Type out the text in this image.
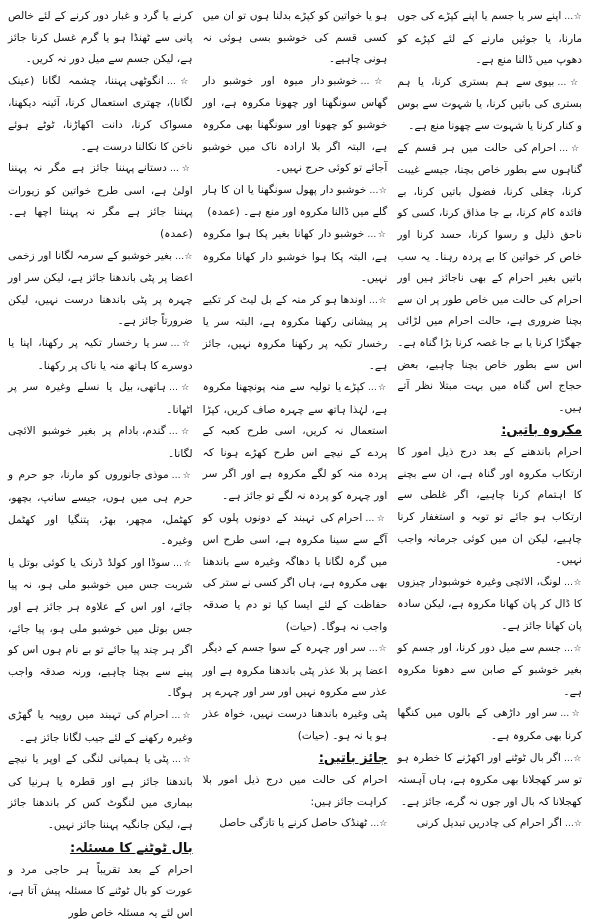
☆…اپنے سر یا جسم یا اپنے کپڑے کی جوں مارنا، یا جوئیں مارنے کے لئے کپڑے کو دھوپ میں ڈالنا منع ہے۔

☆…بیوی سے ہم بستری کرنا، یا ہم بستری کی باتیں کرنا، یا شہوت سے بوس و کنار کرنا یا شہوت سے چھونا منع ہے۔

☆…احرام کی حالت میں ہر قسم کے گناہوں سے بطور خاص بچنا، جیسے غیبت کرنا، چغلی کرنا، فضول باتیں کرنا، بے فائدہ کام کرنا، بے جا مذاق کرنا، کسی کو ناحق ذلیل و رسوا کرنا، حسد کرنا اور خاص کر خواتین کا بے پردہ رہنا۔ یہ سب باتیں بغیر احرام کے بھی ناجائز ہیں اور احرام کی حالت میں خاص طور پر ان سے بچنا ضروری ہے، حالت احرام میں لڑائی جھگڑا کرنا یا بے جا غصہ کرنا بڑا گناہ ہے۔ اس سے بطور خاص بچنا چاہیے، بعض حجاج اس گناہ میں بہت مبتلا نظر آتے ہیں۔

مکروہ باتیں:

احرام باندھنے کے بعد درج ذیل امور کا ارتکاب مکروہ اور گناہ ہے، ان سے بچنے کا اہتمام کرنا چاہیے، اگر غلطی سے ارتکاب ہو جائے تو توبہ و استغفار کرنا چاہیے، لیکن ان میں کوئی جرمانہ واجب نہیں۔

☆…لونگ، الائچی وغیرہ خوشبودار چیزوں کا ڈال کر پان کھانا مکروہ ہے، لیکن سادہ پان کھانا جائز ہے۔

☆…جسم سے میل دور کرنا، اور جسم کو بغیر خوشبو کے صابن سے دھونا مکروہ ہے۔

☆…سر اور داڑھی کے بالوں میں کنگھا کرنا بھی مکروہ ہے۔

☆…اگر بال ٹوٹنے اور اکھڑنے کا خطرہ ہو تو سر کھجلانا بھی مکروہ ہے، ہاں آہستہ کھجلانا کہ بال اور جوں نہ گرے، جائز ہے۔

☆…اگر احرام کی چادریں تبدیل کرنی

ہو یا خواتین کو کپڑے بدلنا ہوں تو ان میں کسی قسم کی خوشبو بسی ہوئی نہ ہونی چاہیے۔

☆…خوشبو دار میوہ اور خوشبو دار گھاس سونگھنا اور چھونا مکروہ ہے، اور خوشبو کو چھونا اور سونگھنا بھی مکروہ ہے، البتہ اگر بلا ارادہ ناک میں خوشبو آجائے تو کوئی حرج نہیں۔

☆…خوشبو دار پھول سونگھنا یا ان کا ہار گلے میں ڈالنا مکروہ اور منع ہے۔ (عمدہ)

☆…خوشبو دار کھانا بغیر پکا ہوا مکروہ ہے، البتہ پکا ہوا خوشبو دار کھانا مکروہ نہیں۔

☆…اوندھا ہو کر منہ کے بل لیٹ کر تکیے پر پیشانی رکھنا مکروہ ہے، البتہ سر یا رخسار تکیہ پر رکھنا مکروہ نہیں، جائز ہے۔

☆…کپڑے یا تولیہ سے منہ پونچھنا مکروہ ہے، لہٰذا ہاتھ سے چہرہ صاف کریں، کپڑا استعمال نہ کریں، اسی طرح کعبہ کے پردے کے نیچے اس طرح کھڑے ہونا کہ پردہ منہ کو لگے مکروہ ہے اور اگر سر اور چہرہ کو پردہ نہ لگے تو جائز ہے۔

☆…احرام کی تہبند کے دونوں پلوں کو آگے سے سینا مکروہ ہے، اسی طرح اس میں گرہ لگانا یا دھاگہ وغیرہ سے باندھنا بھی مکروہ ہے، ہاں اگر کسی نے ستر کی حفاظت کے لئے ایسا کیا تو دم یا صدقہ واجب نہ ہوگا۔ (حیات)

☆…سر اور چہرہ کے سوا جسم کے دیگر اعضا پر بلا عذر پٹی باندھنا مکروہ ہے اور عذر سے مکروہ نہیں اور سر اور چہرے پر پٹی وغیرہ باندھنا درست نہیں، خواہ عذر ہو یا نہ ہو۔ (حیات)

جائز باتیں:

احرام کی حالت میں درج ذیل امور بلا کراہت جائز ہیں:

☆…ٹھنڈک حاصل کرنے یا تازگی حاصل

کرنے یا گرد و غبار دور کرنے کے لئے خالص پانی سے ٹھنڈا ہو یا گرم غسل کرنا جائز ہے، لیکن جسم سے میل دور نہ کریں۔

☆…انگوٹھی پہننا، چشمہ لگانا (عینک لگانا)، چھتری استعمال کرنا، آئینہ دیکھنا، مسواک کرنا، دانت اکھاڑنا، ٹوٹے ہوئے ناخن کا نکالنا درست ہے۔

☆…دستانے پہننا جائز ہے مگر نہ پہننا اولیٰ ہے، اسی طرح خواتین کو زیورات پہننا جائز ہے مگر نہ پہننا اچھا ہے۔ (عمدہ)

☆…بغیر خوشبو کے سرمہ لگانا اور زخمی اعضا پر پٹی باندھنا جائز ہے، لیکن سر اور چہرہ پر پٹی باندھنا درست نہیں، لیکن ضرورتاً جائز ہے۔

☆…سر یا رخسار تکیہ پر رکھنا، اپنا یا دوسرے کا ہاتھ منہ یا ناک پر رکھنا۔

☆…ہاتھی، بیل یا نسلے وغیرہ سر پر اٹھانا۔

☆…گندم، بادام پر بغیر خوشبو الائچی لگانا۔

☆…موذی جانوروں کو مارنا، جو حرم و حرم ہی میں ہوں، جیسے سانپ، بچھو، کھٹمل، مچھر، بھڑ، پتنگیا اور کھٹمل وغیرہ۔

☆…سوڈا اور کولڈ ڈرنک یا کوئی بوتل یا شربت جس میں خوشبو ملی ہو، نہ پیا جائے، اور اس کے علاوہ ہر جائز ہے اور جس بوتل میں خوشبو ملی ہو، پیا جائے، اگر ہر چند پیا جائے تو بے نام ہوں اس کو پینے سے بچنا چاہیے، ورنہ صدقہ واجب ہوگا۔

☆…احرام کی تہبند میں روپیہ یا گھڑی وغیرہ رکھنے کے لئے جیب لگانا جائز ہے۔

☆…پٹی یا ہمیانی لنگی کے اوپر یا نیچے باندھنا جائز ہے اور قطرہ یا ہرنیا کی بیماری میں لنگوٹ کس کر باندھنا جائز ہے، لیکن جانگیہ پہننا جائز نہیں۔

بال ٹوٹنے کا مسئلہ:

احرام کے بعد تقریباً ہر حاجی مرد و عورت کو بال ٹوٹنے کا مسئلہ پیش آتا ہے، اس لئے یہ مسئلہ خاص طور
